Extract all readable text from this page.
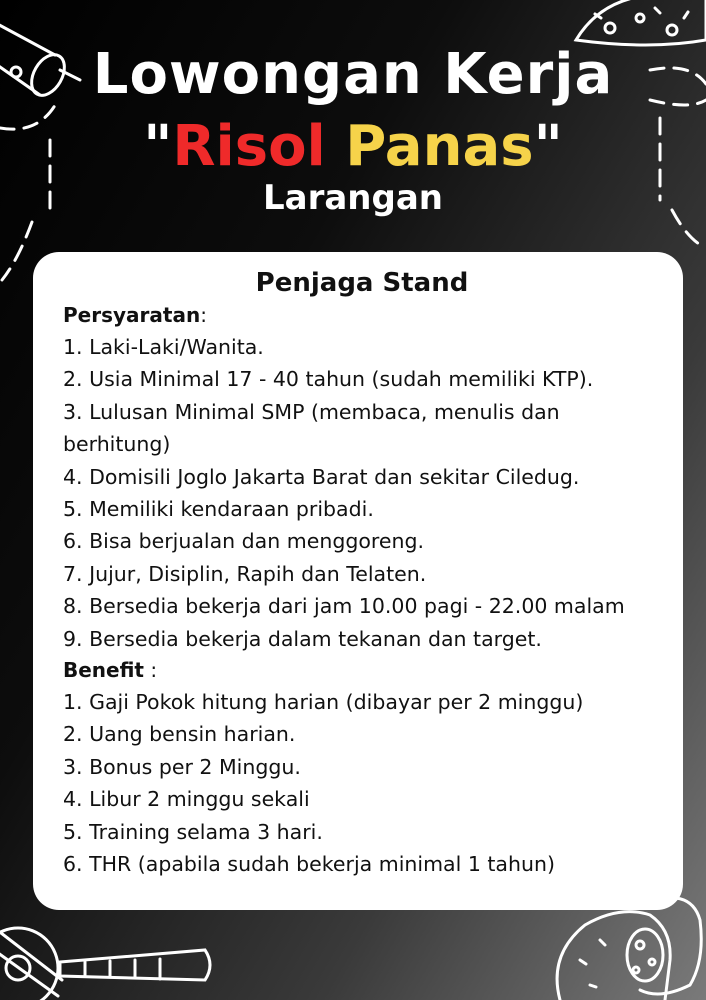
Lowongan Kerja
"Risol Panas"
Larangan
Penjaga Stand

Persyaratan:

1. Laki-Laki/Wanita.
2. Usia Minimal 17 - 40 tahun (sudah memiliki KTP).
3. Lulusan Minimal SMP (membaca, menulis dan berhitung)
4. Domisili Joglo Jakarta Barat dan sekitar Ciledug.
5. Memiliki kendaraan pribadi.
6. Bisa berjualan dan menggoreng.
7. Jujur, Disiplin, Rapih dan Telaten.
8. Bersedia bekerja dari jam 10.00 pagi - 22.00 malam
9. Bersedia bekerja dalam tekanan dan target.

Benefit :

1. Gaji Pokok hitung harian (dibayar per 2 minggu)
2. Uang bensin harian.
3. Bonus per 2 Minggu.
4. Libur 2 minggu sekali
5. Training selama 3 hari.
6. THR (apabila sudah bekerja minimal 1 tahun)
